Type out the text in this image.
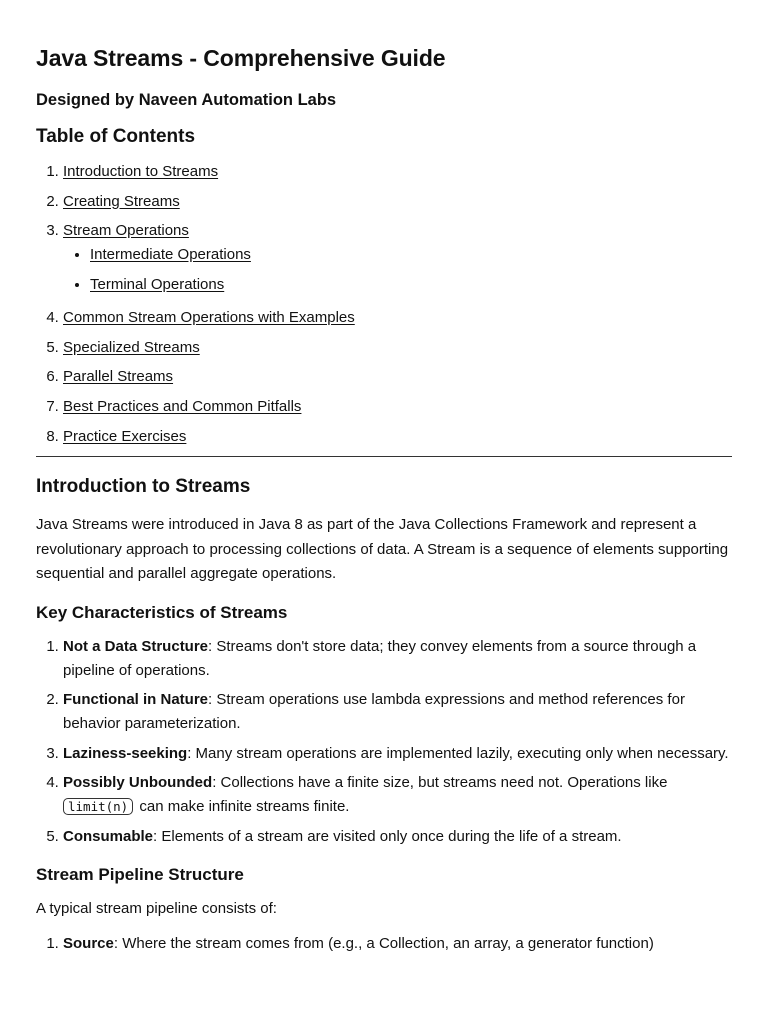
Java Streams - Comprehensive Guide

Designed by Naveen Automation Labs

Table of Contents
1. Introduction to Streams
2. Creating Streams
3. Stream Operations
• Intermediate Operations
• Terminal Operations
4. Common Stream Operations with Examples
5. Specialized Streams
6. Parallel Streams
7. Best Practices and Common Pitfalls
8. Practice Exercises
Introduction to Streams

Java Streams were introduced in Java 8 as part of the Java Collections Framework and represent a revolutionary approach to processing collections of data. A Stream is a sequence of elements supporting sequential and parallel aggregate operations.

Key Characteristics of Streams
1. Not a Data Structure: Streams don't store data; they convey elements from a source through a pipeline of operations.
2. Functional in Nature: Stream operations use lambda expressions and method references for behavior parameterization.
3. Laziness-seeking: Many stream operations are implemented lazily, executing only when necessary.
4. Possibly Unbounded: Collections have a finite size, but streams need not. Operations like limit(n) can make infinite streams finite.
5. Consumable: Elements of a stream are visited only once during the life of a stream.
Stream Pipeline Structure

A typical stream pipeline consists of:

1. Source: Where the stream comes from (e.g., a Collection, an array, a generator function)
